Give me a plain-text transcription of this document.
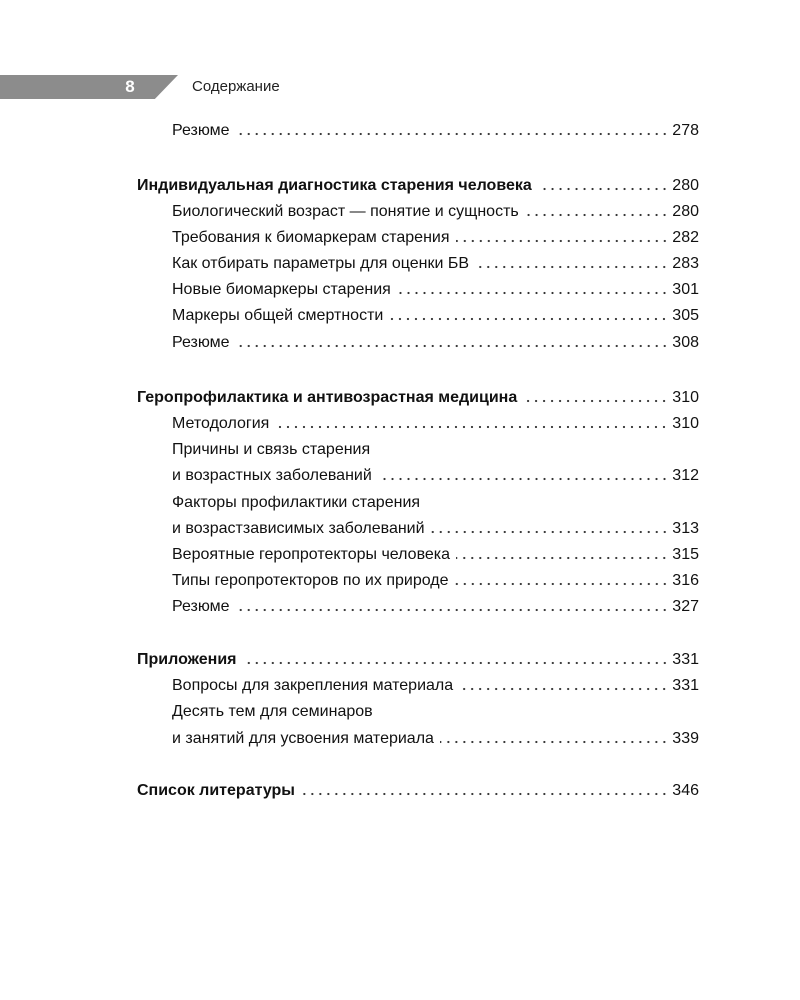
8	Содержание
Резюме	278
Индивидуальная диагностика старения человека	280
Биологический возраст — понятие и сущность	280
Требования к биомаркерам старения	282
Как отбирать параметры для оценки БВ	283
Новые биомаркеры старения	301
Маркеры общей смертности	305
Резюме	308
Геропрофилактика и антивозрастная медицина	310
Методология	310
Причины и связь старения
и возрастных заболеваний	312
Факторы профилактики старения
и возрастзависимых заболеваний	313
Вероятные геропротекторы человека	315
Типы геропротекторов по их природе	316
Резюме	327
Приложения	331
Вопросы для закрепления материала	331
Десять тем для семинаров
и занятий для усвоения материала	339
Список литературы	346
